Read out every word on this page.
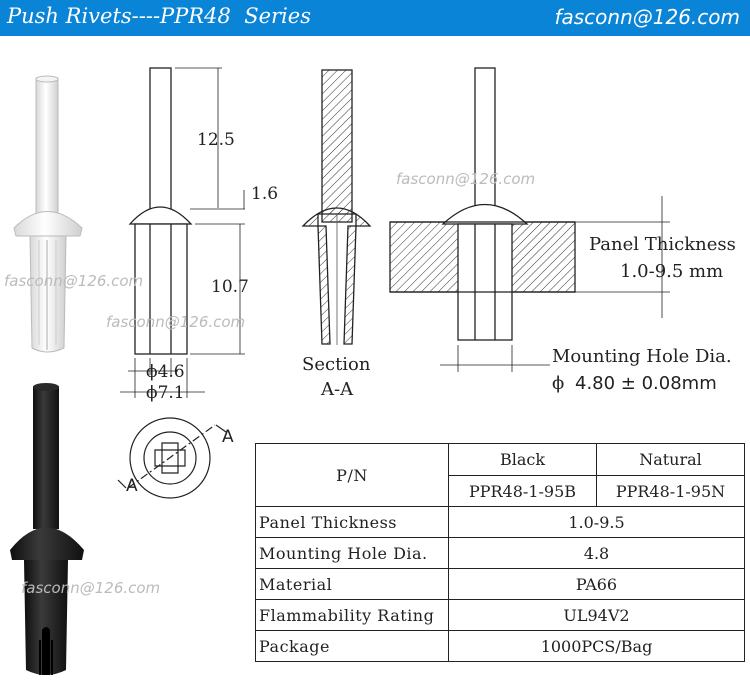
Push Rivets----PPR48  Series	fasconn@126.com
12.5
1.6
10.7
ϕ4.6
ϕ7.1
Section
A-A
Panel Thickness
1.0-9.5 mm
Mounting Hole Dia.
ϕ 4.80 ± 0.08mm
A
A
fasconn@126.com
fasconn@126.com
fasconn@126.com
fasconn@126.com
P/N	Black	Natural
	PPR48-1-95B	PPR48-1-95N
Panel Thickness	1.0-9.5	
Mounting Hole Dia.	4.8	
Material	PA66	
Flammability Rating	UL94V2	
Package	1000PCS/Bag	
